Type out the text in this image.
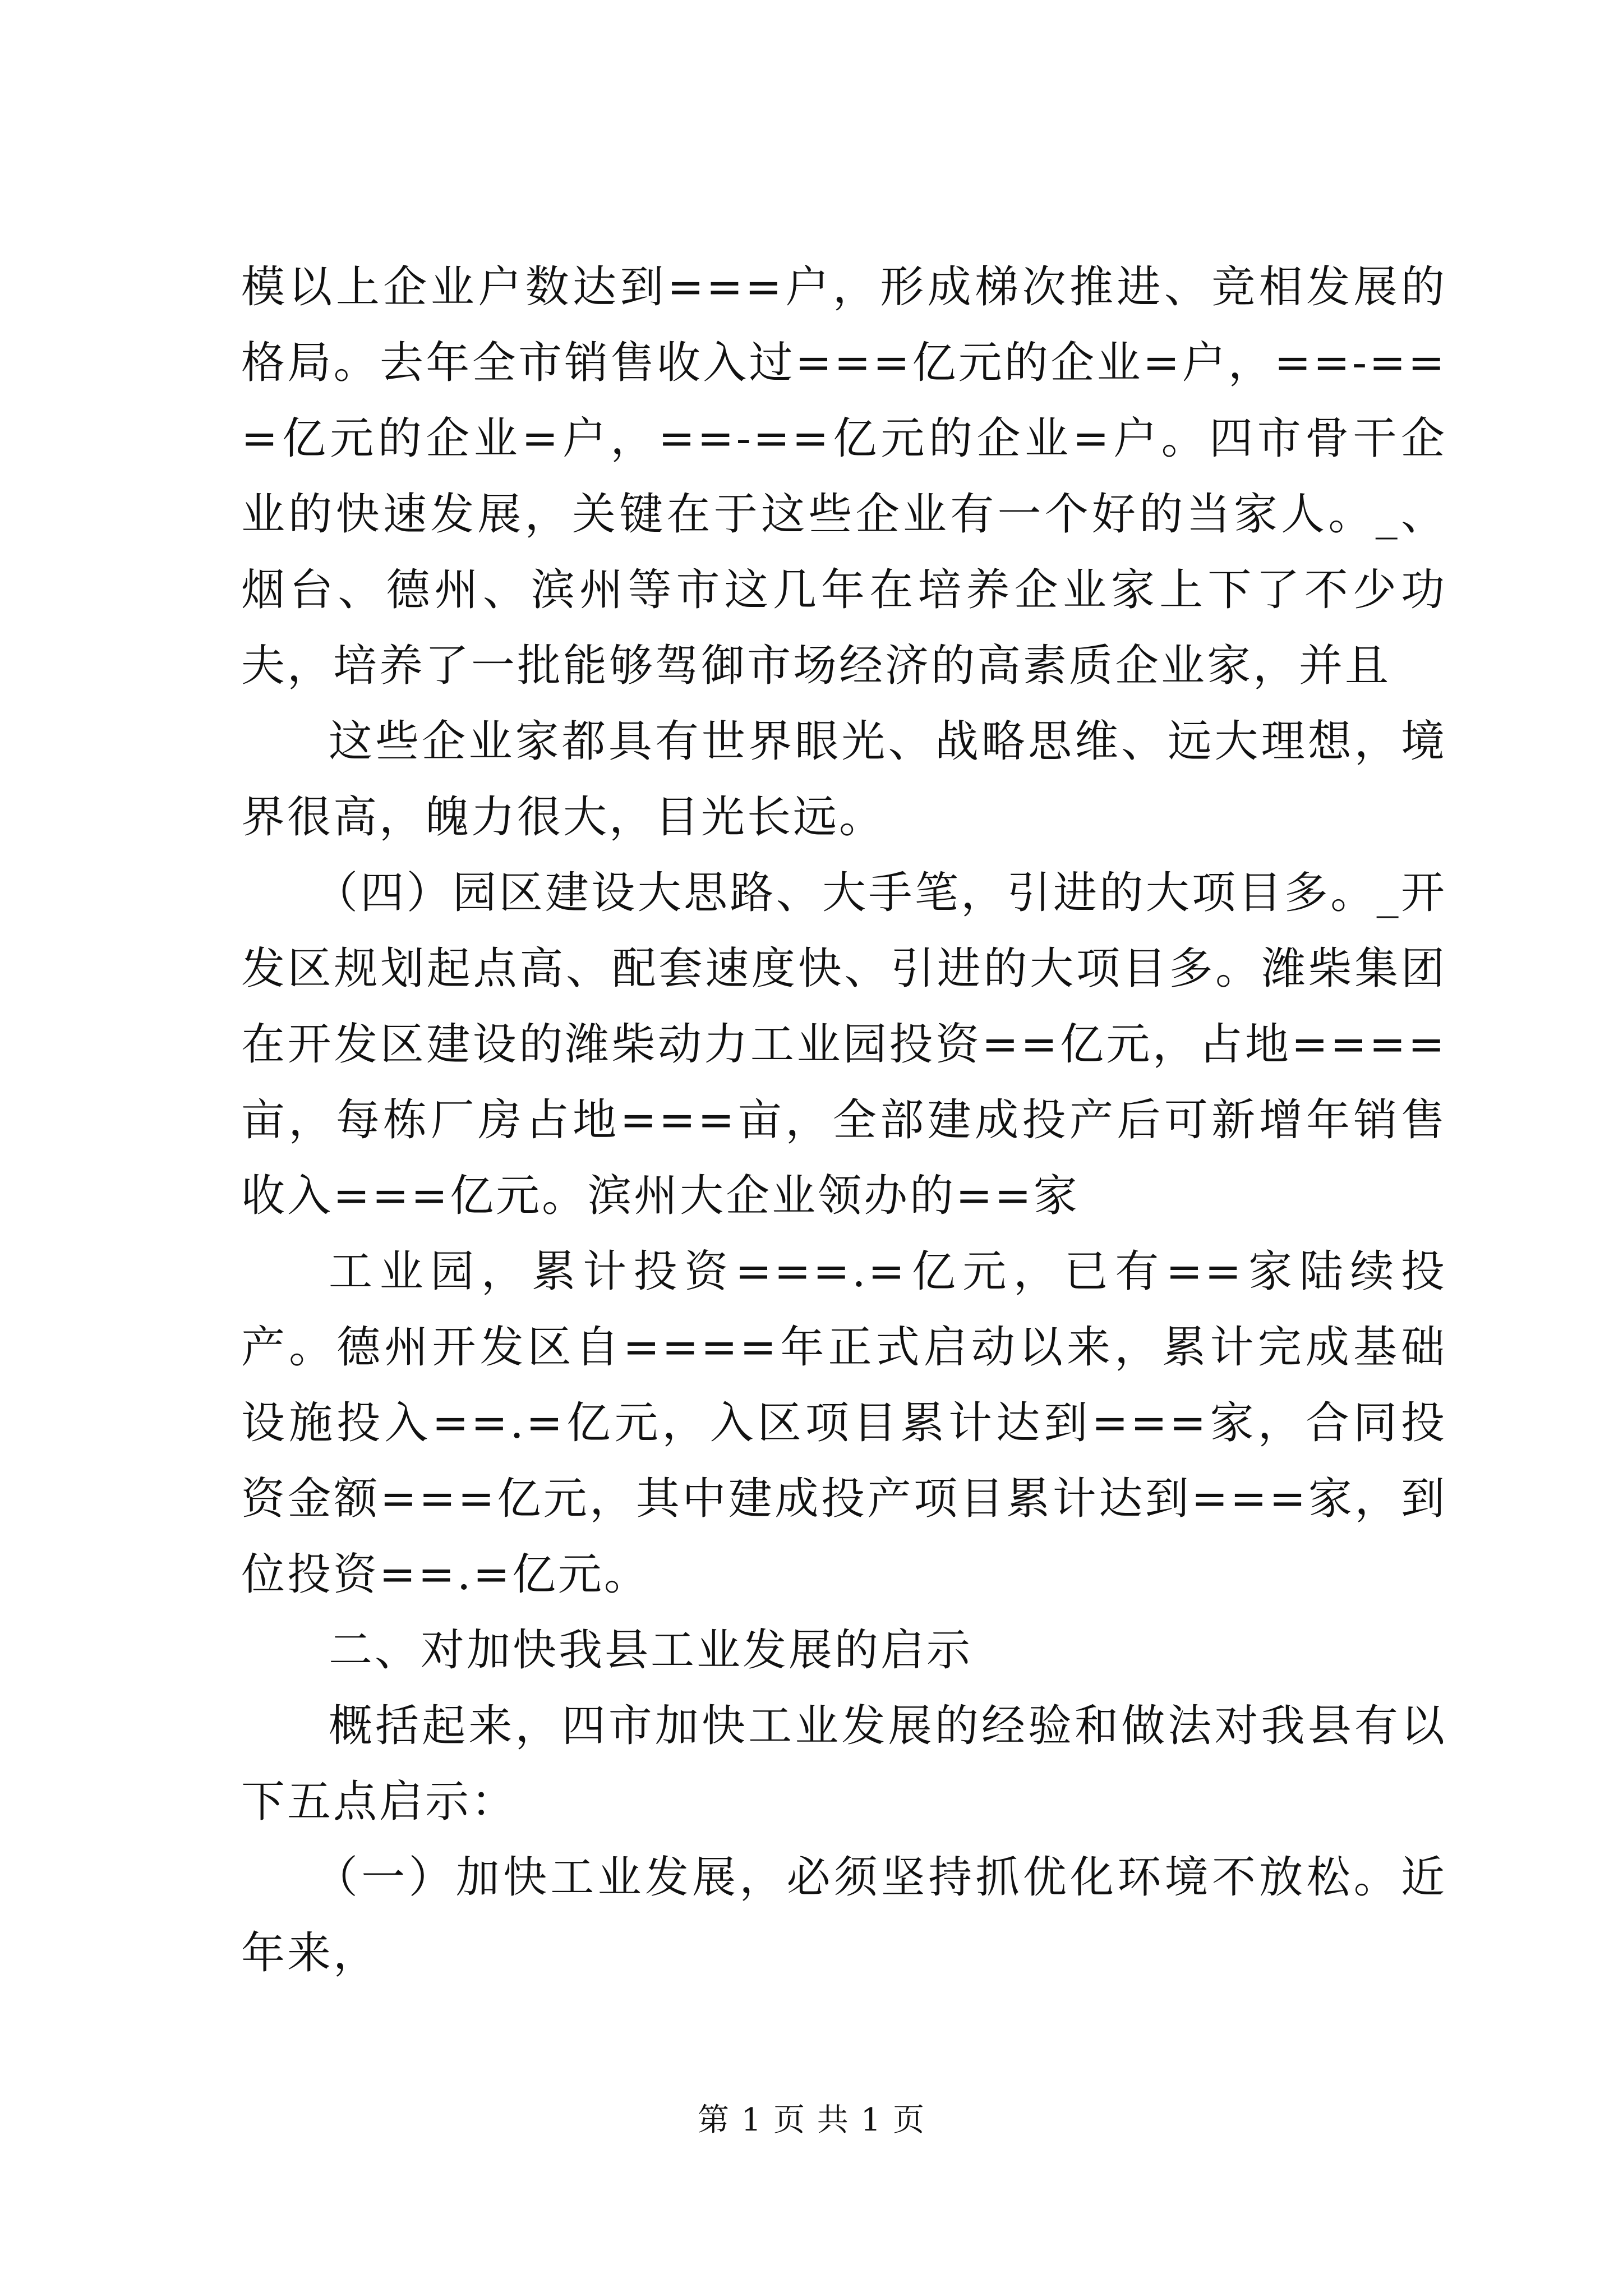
模以上企业户数达到===户，形成梯次推进、竞相发展的格局。去年全市销售收入过===亿元的企业=户，==-===亿元的企业=户，==-==亿元的企业=户。四市骨干企业的快速发展，关键在于这些企业有一个好的当家人。_、烟台、德州、滨州等市这几年在培养企业家上下了不少功夫，培养了一批能够驾御市场经济的高素质企业家，并且

这些企业家都具有世界眼光、战略思维、远大理想，境界很高，魄力很大，目光长远。

（四）园区建设大思路、大手笔，引进的大项目多。_开发区规划起点高、配套速度快、引进的大项目多。潍柴集团在开发区建设的潍柴动力工业园投资==亿元，占地====亩，每栋厂房占地===亩，全部建成投产后可新增年销售收入===亿元。滨州大企业领办的==家

工业园，累计投资===.=亿元，已有==家陆续投产。德州开发区自====年正式启动以来，累计完成基础设施投入==.=亿元，入区项目累计达到===家，合同投资金额===亿元，其中建成投产项目累计达到===家，到位投资==.=亿元。

二、对加快我县工业发展的启示

概括起来，四市加快工业发展的经验和做法对我县有以下五点启示：

（一）加快工业发展，必须坚持抓优化环境不放松。近年来，

第 1 页 共 1 页
